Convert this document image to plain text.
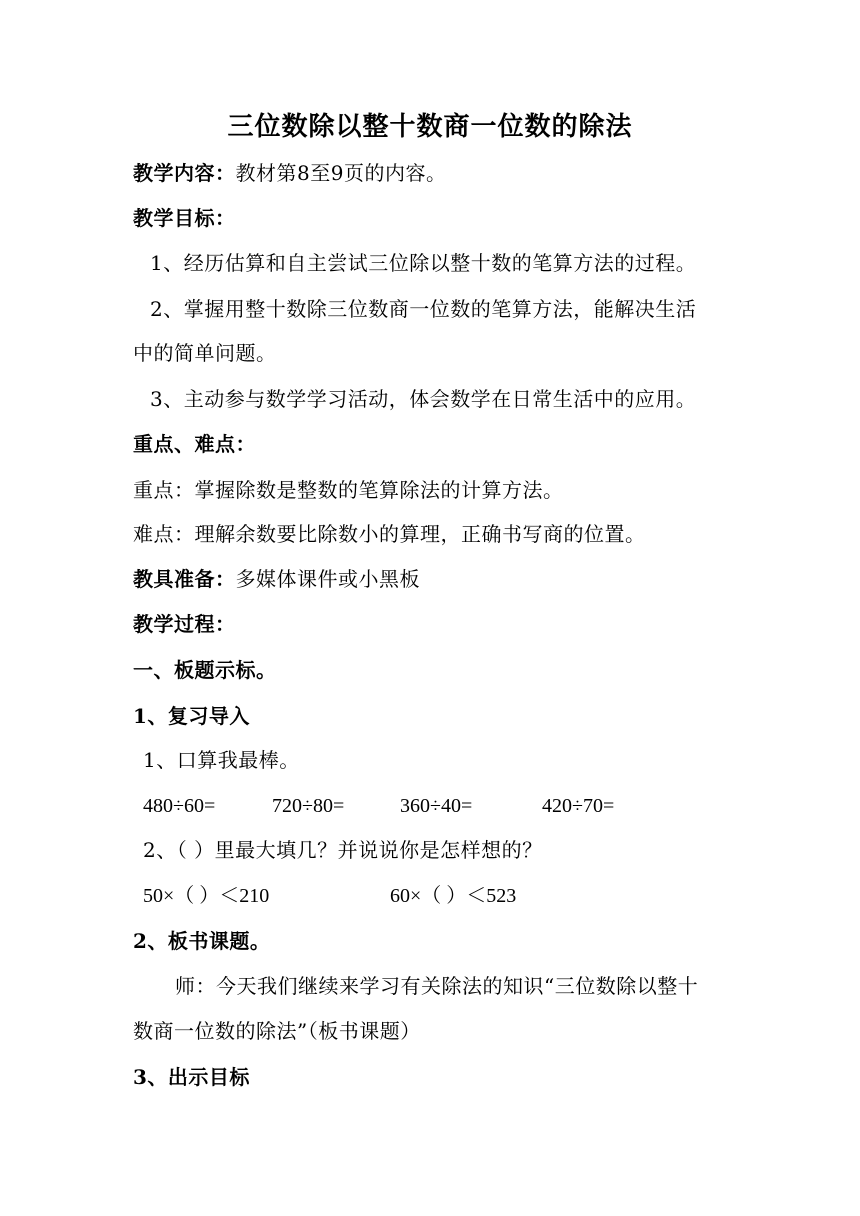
三位数除以整十数商一位数的除法
教学内容：教材第8至9页的内容。
教学目标：
1、经历估算和自主尝试三位除以整十数的笔算方法的过程。
2、掌握用整十数除三位数商一位数的笔算方法，能解决生活
中的简单问题。
3、主动参与数学学习活动，体会数学在日常生活中的应用。
重点、难点：
重点：掌握除数是整数的笔算除法的计算方法。
难点：理解余数要比除数小的算理，正确书写商的位置。
教具准备：多媒体课件或小黑板
教学过程：
一、板题示标。
1、复习导入
1、口算我最棒。
480÷60=	720÷80=	360÷40=	420÷70=
2、（ ）里最大填几？并说说你是怎样想的？
50×（ ）＜210	60×（ ）＜523
2、板书课题。
师：今天我们继续来学习有关除法的知识“三位数除以整十
数商一位数的除法”（板书课题）
3、出示目标
